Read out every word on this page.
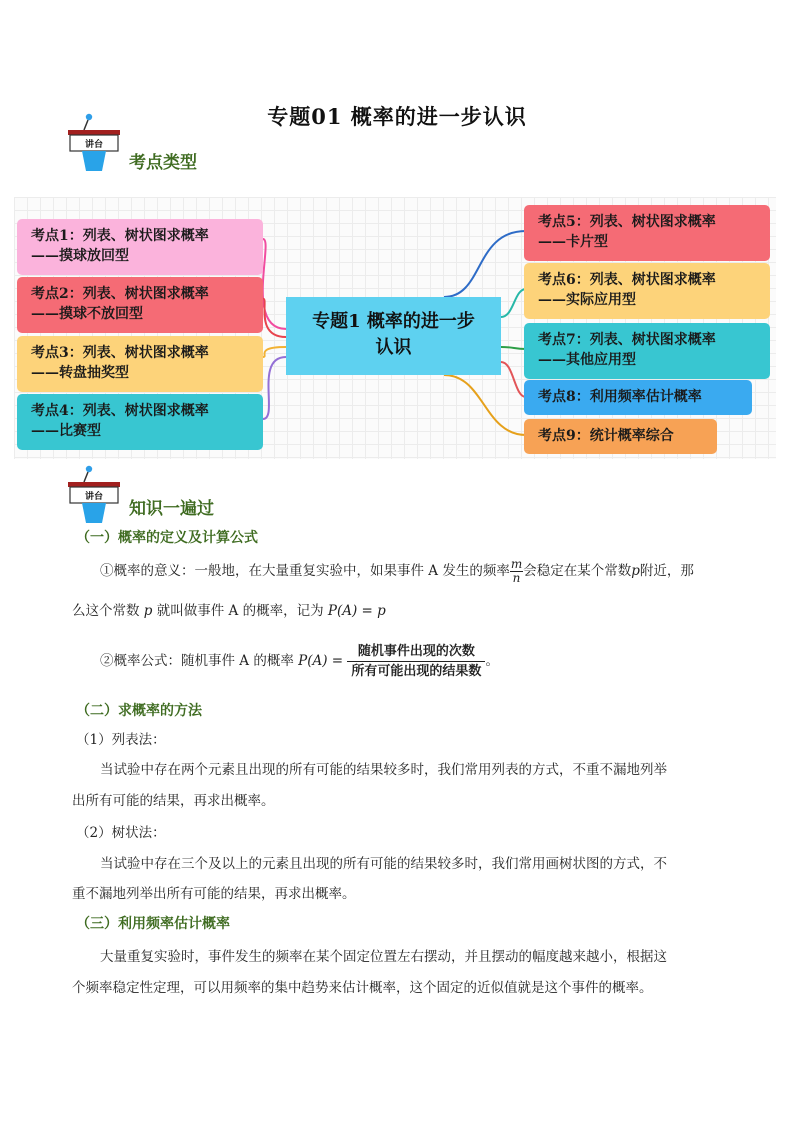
专题01 概率的进一步认识
讲台
考点类型
专题1 概率的进一步认识
考点1：列表、树状图求概率
——摸球放回型
考点2：列表、树状图求概率
——摸球不放回型
考点3：列表、树状图求概率
——转盘抽奖型
考点4：列表、树状图求概率
——比赛型
考点5：列表、树状图求概率
——卡片型
考点6：列表、树状图求概率
——实际应用型
考点7：列表、树状图求概率
——其他应用型
考点8：利用频率估计概率
考点9：统计概率综合
讲台
知识一遍过
（一）概率的定义及计算公式
①概率的意义：一般地，在大量重复实验中，如果事件 A 发生的频率 $\frac{m}{n}$ 会稳定在某个常数p附近，那
么这个常数 p 就叫做事件 A 的概率，记为 P(A) = p
②概率公式：随机事件 A 的概率 $P(A) = \frac{\text{随机事件出现的次数}}{\text{所有可能出现的结果数}}$ 。
（二）求概率的方法
（1）列表法：
当试验中存在两个元素且出现的所有可能的结果较多时，我们常用列表的方式，不重不漏地列举
出所有可能的结果，再求出概率。
（2）树状法：
当试验中存在三个及以上的元素且出现的所有可能的结果较多时，我们常用画树状图的方式，不
重不漏地列举出所有可能的结果，再求出概率。
（三）利用频率估计概率
大量重复实验时，事件发生的频率在某个固定位置左右摆动，并且摆动的幅度越来越小，根据这
个频率稳定性定理，可以用频率的集中趋势来估计概率，这个固定的近似值就是这个事件的概率。
